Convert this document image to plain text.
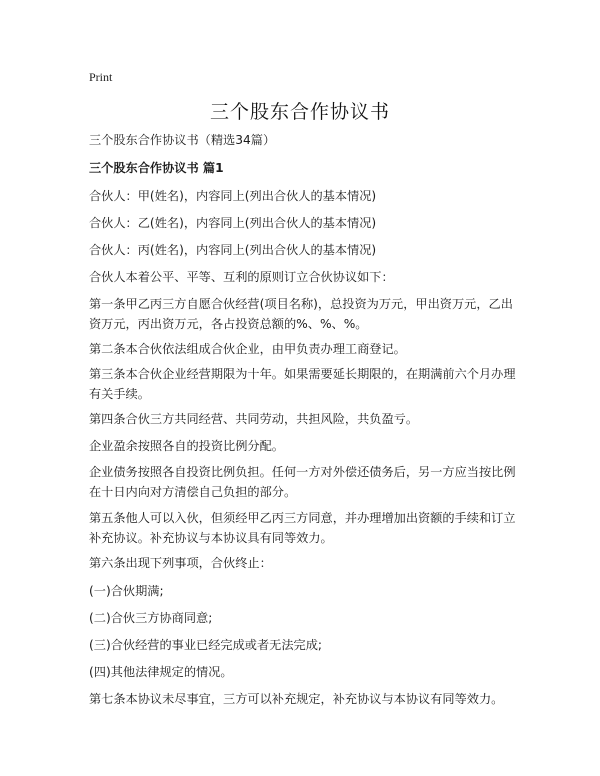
Print
三个股东合作协议书
三个股东合作协议书（精选34篇）
三个股东合作协议书 篇1
合伙人：甲(姓名)，内容同上(列出合伙人的基本情况)
合伙人：乙(姓名)，内容同上(列出合伙人的基本情况)
合伙人：丙(姓名)，内容同上(列出合伙人的基本情况)
合伙人本着公平、平等、互利的原则订立合伙协议如下：
第一条甲乙丙三方自愿合伙经营(项目名称)，总投资为万元，甲出资万元，乙出资万元，丙出资万元，各占投资总额的%、%、%。
第二条本合伙依法组成合伙企业，由甲负责办理工商登记。
第三条本合伙企业经营期限为十年。如果需要延长期限的，在期满前六个月办理有关手续。
第四条合伙三方共同经营、共同劳动，共担风险，共负盈亏。
企业盈余按照各自的投资比例分配。
企业债务按照各自投资比例负担。任何一方对外偿还债务后，另一方应当按比例在十日内向对方清偿自己负担的部分。
第五条他人可以入伙，但须经甲乙丙三方同意，并办理增加出资额的手续和订立补充协议。补充协议与本协议具有同等效力。
第六条出现下列事项，合伙终止：
(一)合伙期满;
(二)合伙三方协商同意;
(三)合伙经营的事业已经完成或者无法完成;
(四)其他法律规定的情况。
第七条本协议未尽事宜，三方可以补充规定，补充协议与本协议有同等效力。
